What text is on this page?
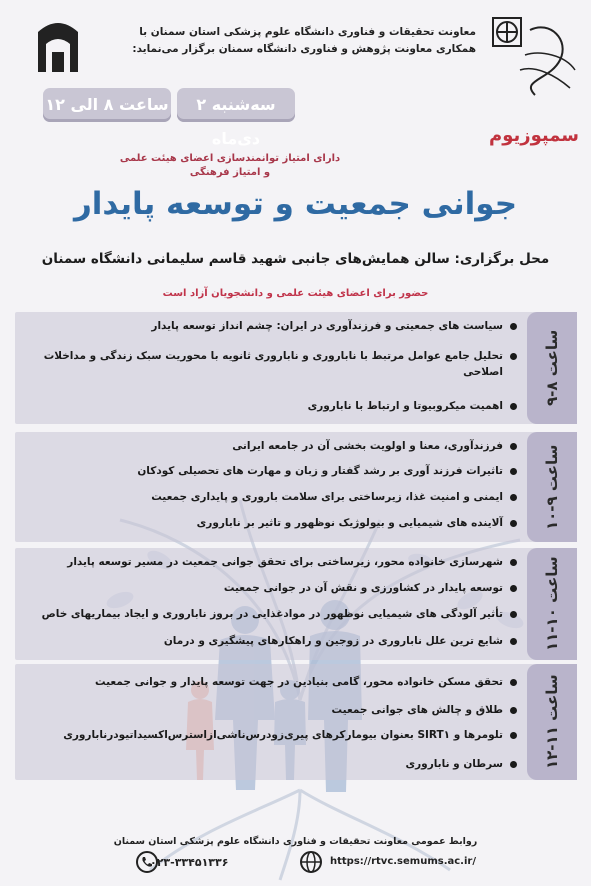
معاونت تحقیقات و فناوری دانشگاه علوم پزشکی استان سمنان با
همکاری معاونت پژوهش و فناوری دانشگاه سمنان برگزار می‌نماید:
سه‌شنبه ۲ دی‌ماه
ساعت ۸ الی ۱۲
سمپوزیوم
دارای امتیاز توانمندسازی اعضای هیئت علمی
و امتیاز فرهنگی
جوانی جمعیت و توسعه پایدار
محل برگزاری: سالن همایش‌های جانبی شهید قاسم سلیمانی دانشگاه سمنان
حضور برای اعضای هیئت علمی و دانشجویان آزاد است
ساعت ۸-۹
سیاست های جمعیتی و فرزندآوری در ایران: چشم انداز توسعه پایدار
تحلیل جامع عوامل مرتبط با ناباروری و ناباروری ثانویه با محوریت سبک زندگی و مداخلات اصلاحی
اهمیت میکروبیوتا و ارتباط با ناباروری
ساعت ۹-۱۰
فرزندآوری، معنا و اولویت بخشی آن در جامعه ایرانی
تاثیرات فرزند آوری بر رشد گفتار و زبان و مهارت های تحصیلی کودکان
ایمنی و امنیت غذا، زیرساختی برای سلامت باروری و پایداری جمعیت
آلاینده های شیمیایی و بیولوژیک نوظهور و تاثیر بر ناباروری
ساعت ۱۰-۱۱
شهرسازی خانواده محور، زیرساختی برای تحقق جوانی جمعیت در مسیر توسعه پایدار
توسعه پایدار در کشاورزی و نقش آن در جوانی جمعیت
تأثیر آلودگی های شیمیایی نوظهور در موادغذایی در بروز ناباروری و ایجاد بیماریهای خاص
شایع ترین علل ناباروری در زوجین و راهکارهای پیشگیری و درمان
ساعت ۱۱-۱۲
تحقق مسکن خانواده محور، گامی بنیادین در جهت توسعه پایدار و جوانی جمعیت
طلاق و چالش های جوانی جمعیت
تلومرها و SIRT۱ بعنوان بیومارکرهای پیری‌زودرس‌ناشی‌از‌استرس‌اکسیداتیو‌در‌ناباروری
سرطان و ناباروری
روابط عمومی معاونت تحقیقات و فناوری دانشگاه علوم پزشکی استان سمنان
https://rtvc.semums.ac.ir/
۰۲۳-۳۳۴۵۱۳۳۶
